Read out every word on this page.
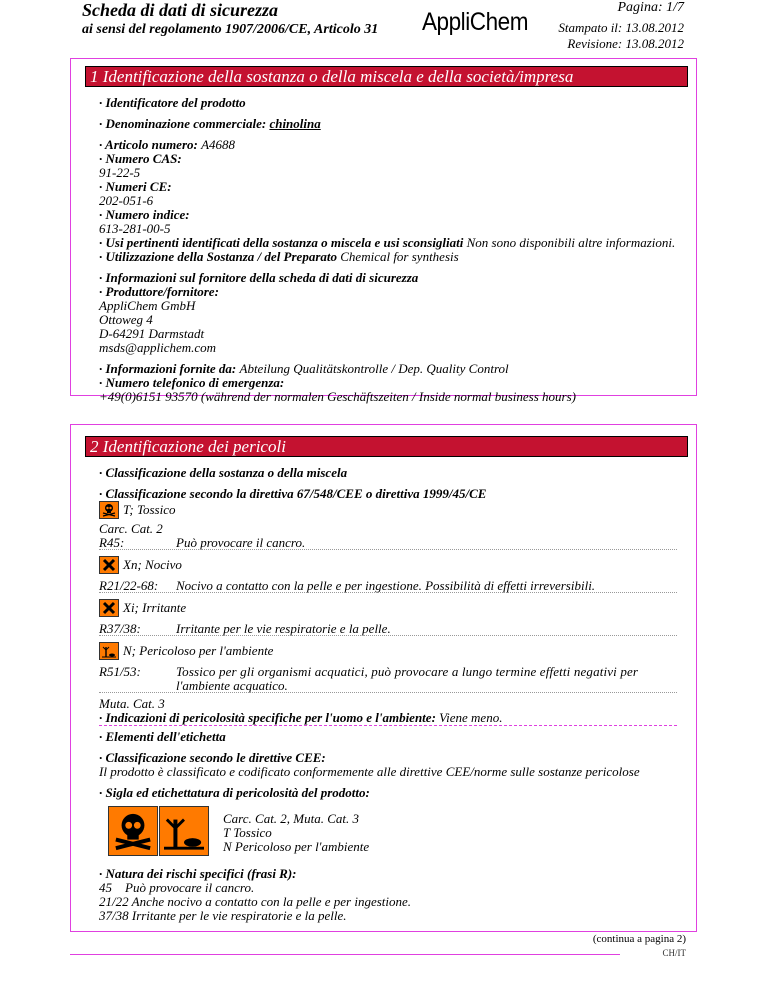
Scheda di dati di sicurezza
ai sensi del regolamento 1907/2006/CE, Articolo 31 AppliChem
Pagina: 1/7
Stampato il: 13.08.2012
Revisione: 13.08.2012
1 Identificazione della sostanza o della miscela e della società/impresa
· Identificatore del prodotto
· Denominazione commerciale: chinolina
· Articolo numero: A4688
· Numero CAS:
91-22-5
· Numeri CE:
202-051-6
· Numero indice:
613-281-00-5
· Usi pertinenti identificati della sostanza o miscela e usi sconsigliati Non sono disponibili altre informazioni.
· Utilizzazione della Sostanza / del Preparato Chemical for synthesis
· Informazioni sul fornitore della scheda di dati di sicurezza
· Produttore/fornitore:
AppliChem GmbH
Ottoweg 4
D-64291 Darmstadt
msds@applichem.com
· Informazioni fornite da: Abteilung Qualitätskontrolle / Dep. Quality Control
· Numero telefonico di emergenza:
+49(0)6151 93570 (während der normalen Geschäftszeiten / Inside normal business hours)
2 Identificazione dei pericoli
· Classificazione della sostanza o della miscela
· Classificazione secondo la direttiva 67/548/CEE o direttiva 1999/45/CE
T; Tossico
Carc. Cat. 2
R45:	Può provocare il cancro.
Xn; Nocivo
R21/22-68: Nocivo a contatto con la pelle e per ingestione. Possibilità di effetti irreversibili.
Xi; Irritante
R37/38:	Irritante per le vie respiratorie e la pelle.
N; Pericoloso per l'ambiente
R51/53:	Tossico per gli organismi acquatici, può provocare a lungo termine effetti negativi per
l'ambiente acquatico.
Muta. Cat. 3
· Indicazioni di pericolosità specifiche per l'uomo e l'ambiente: Viene meno.
· Elementi dell'etichetta
· Classificazione secondo le direttive CEE:
Il prodotto è classificato e codificato conformemente alle direttive CEE/norme sulle sostanze pericolose
· Sigla ed etichettatura di pericolosità del prodotto:
Carc. Cat. 2, Muta. Cat. 3
T Tossico
N Pericoloso per l'ambiente
· Natura dei rischi specifici (frasi R):
45    Può provocare il cancro.
21/22 Anche nocivo a contatto con la pelle e per ingestione.
37/38 Irritante per le vie respiratorie e la pelle.
(continua a pagina 2)
CH/IT
